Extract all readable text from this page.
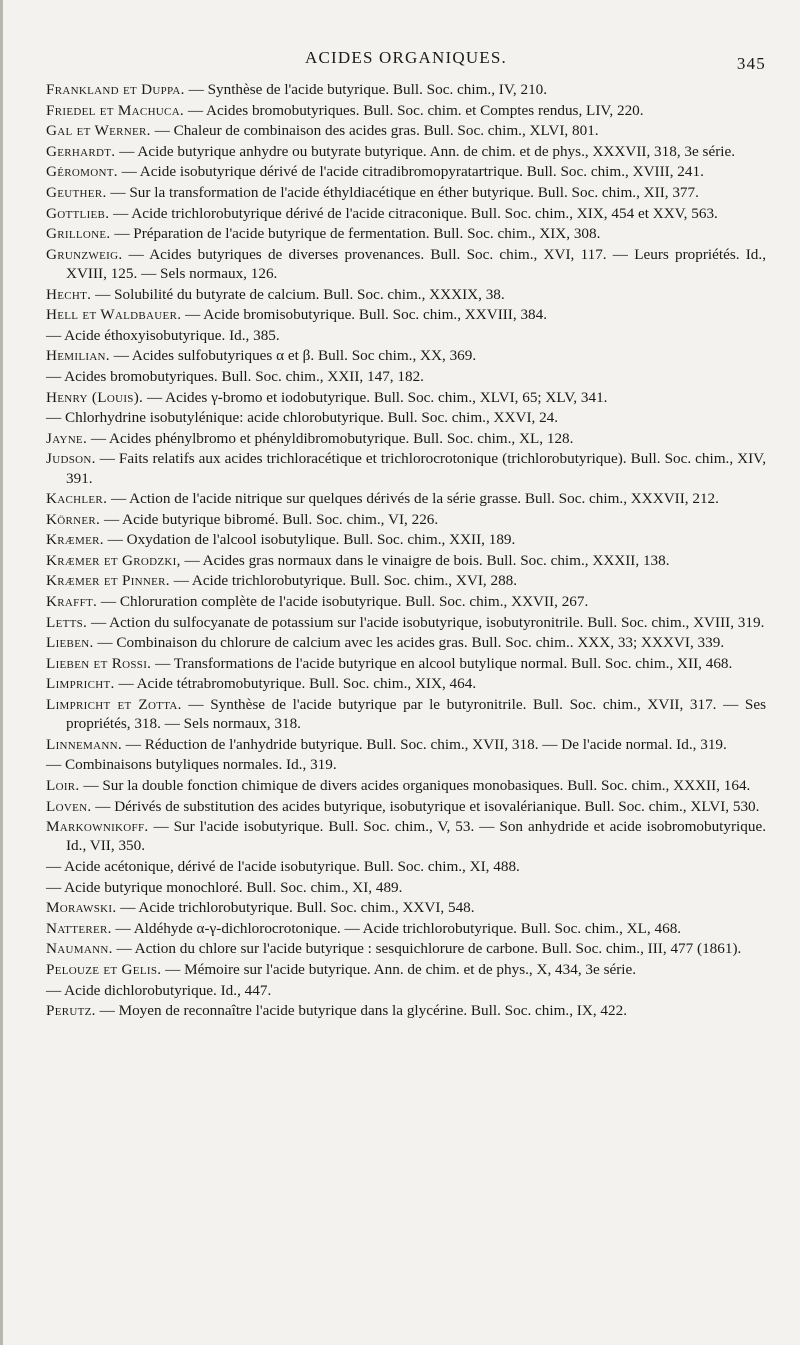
ACIDES ORGANIQUES.	345

Frankland et Duppa. — Synthèse de l'acide butyrique. Bull. Soc. chim., IV, 210.

Friedel et Machuca. — Acides bromobutyriques. Bull. Soc. chim. et Comptes rendus, LIV, 220.

Gal et Werner. — Chaleur de combinaison des acides gras. Bull. Soc. chim., XLVI, 801.

Gerhardt. — Acide butyrique anhydre ou butyrate butyrique. Ann. de chim. et de phys., XXXVII, 318, 3e série.

Géromont. — Acide isobutyrique dérivé de l'acide citradibromopyratartrique. Bull. Soc. chim., XVIII, 241.

Geuther. — Sur la transformation de l'acide éthyldiacétique en éther butyrique. Bull. Soc. chim., XII, 377.

Gottlieb. — Acide trichlorobutyrique dérivé de l'acide citraconique. Bull. Soc. chim., XIX, 454 et XXV, 563.

Grillone. — Préparation de l'acide butyrique de fermentation. Bull. Soc. chim., XIX, 308.

Grunzweig. — Acides butyriques de diverses provenances. Bull. Soc. chim., XVI, 117. — Leurs propriétés. Id., XVIII, 125. — Sels normaux, 126.

Hecht. — Solubilité du butyrate de calcium. Bull. Soc. chim., XXXIX, 38.

Hell et Waldbauer. — Acide bromisobutyrique. Bull. Soc. chim., XXVIII, 384.

— Acide éthoxyisobutyrique. Id., 385.

Hemilian. — Acides sulfobutyriques α et β. Bull. Soc chim., XX, 369.

— Acides bromobutyriques. Bull. Soc. chim., XXII, 147, 182.

Henry (Louis). — Acides γ-bromo et iodobutyrique. Bull. Soc. chim., XLVI, 65; XLV, 341.

— Chlorhydrine isobutylénique: acide chlorobutyrique. Bull. Soc. chim., XXVI, 24.

Jayne. — Acides phénylbromo et phényldibromobutyrique. Bull. Soc. chim., XL, 128.

Judson. — Faits relatifs aux acides trichloracétique et trichlorocrotonique (trichlorobutyrique). Bull. Soc. chim., XIV, 391.

Kachler. — Action de l'acide nitrique sur quelques dérivés de la série grasse. Bull. Soc. chim., XXXVII, 212.

Körner. — Acide butyrique bibromé. Bull. Soc. chim., VI, 226.

Kræmer. — Oxydation de l'alcool isobutylique. Bull. Soc. chim., XXII, 189.

Kræmer et Grodzki, — Acides gras normaux dans le vinaigre de bois. Bull. Soc. chim., XXXII, 138.

Kræmer et Pinner. — Acide trichlorobutyrique. Bull. Soc. chim., XVI, 288.

Krafft. — Chloruration complète de l'acide isobutyrique. Bull. Soc. chim., XXVII, 267.

Letts. — Action du sulfocyanate de potassium sur l'acide isobutyrique, isobutyronitrile. Bull. Soc. chim., XVIII, 319.

Lieben. — Combinaison du chlorure de calcium avec les acides gras. Bull. Soc. chim.. XXX, 33; XXXVI, 339.

Lieben et Rossi. — Transformations de l'acide butyrique en alcool butylique normal. Bull. Soc. chim., XII, 468.

Limpricht. — Acide tétrabromobutyrique. Bull. Soc. chim., XIX, 464.

Limpricht et Zotta. — Synthèse de l'acide butyrique par le butyronitrile. Bull. Soc. chim., XVII, 317. — Ses propriétés, 318. — Sels normaux, 318.

Linnemann. — Réduction de l'anhydride butyrique. Bull. Soc. chim., XVII, 318. — De l'acide normal. Id., 319.

— Combinaisons butyliques normales. Id., 319.

Loir. — Sur la double fonction chimique de divers acides organiques monobasiques. Bull. Soc. chim., XXXII, 164.

Loven. — Dérivés de substitution des acides butyrique, isobutyrique et isovalérianique. Bull. Soc. chim., XLVI, 530.

Markownikoff. — Sur l'acide isobutyrique. Bull. Soc. chim., V, 53. — Son anhydride et acide isobromobutyrique. Id., VII, 350.

— Acide acétonique, dérivé de l'acide isobutyrique. Bull. Soc. chim., XI, 488.

— Acide butyrique monochloré. Bull. Soc. chim., XI, 489.

Morawski. — Acide trichlorobutyrique. Bull. Soc. chim., XXVI, 548.

Natterer. — Aldéhyde α-γ-dichlorocrotonique. — Acide trichlorobutyrique. Bull. Soc. chim., XL, 468.

Naumann. — Action du chlore sur l'acide butyrique : sesquichlorure de carbone. Bull. Soc. chim., III, 477 (1861).

Pelouze et Gelis. — Mémoire sur l'acide butyrique. Ann. de chim. et de phys., X, 434, 3e série.

— Acide dichlorobutyrique. Id., 447.

Perutz. — Moyen de reconnaître l'acide butyrique dans la glycérine. Bull. Soc. chim., IX, 422.
